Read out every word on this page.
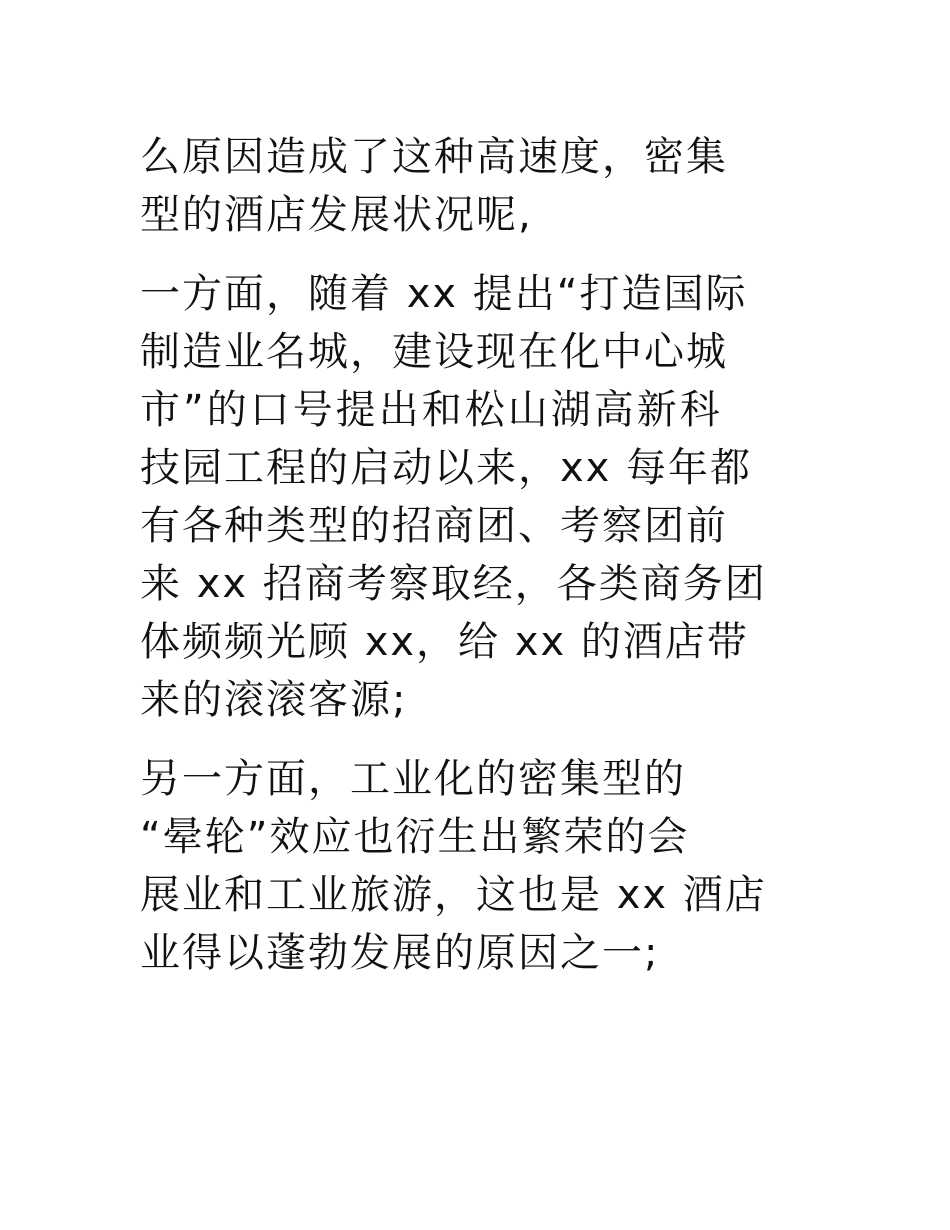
么原因造成了这种高速度，密集
型的酒店发展状况呢,
一方面，随着 xx 提出“打造国际
制造业名城，建设现在化中心城
市”的口号提出和松山湖高新科
技园工程的启动以来，xx 每年都
有各种类型的招商团、考察团前
来 xx 招商考察取经，各类商务团
体频频光顾 xx，给 xx 的酒店带
来的滚滚客源;
另一方面，工业化的密集型的
“晕轮”效应也衍生出繁荣的会
展业和工业旅游，这也是 xx 酒店
业得以蓬勃发展的原因之一;
